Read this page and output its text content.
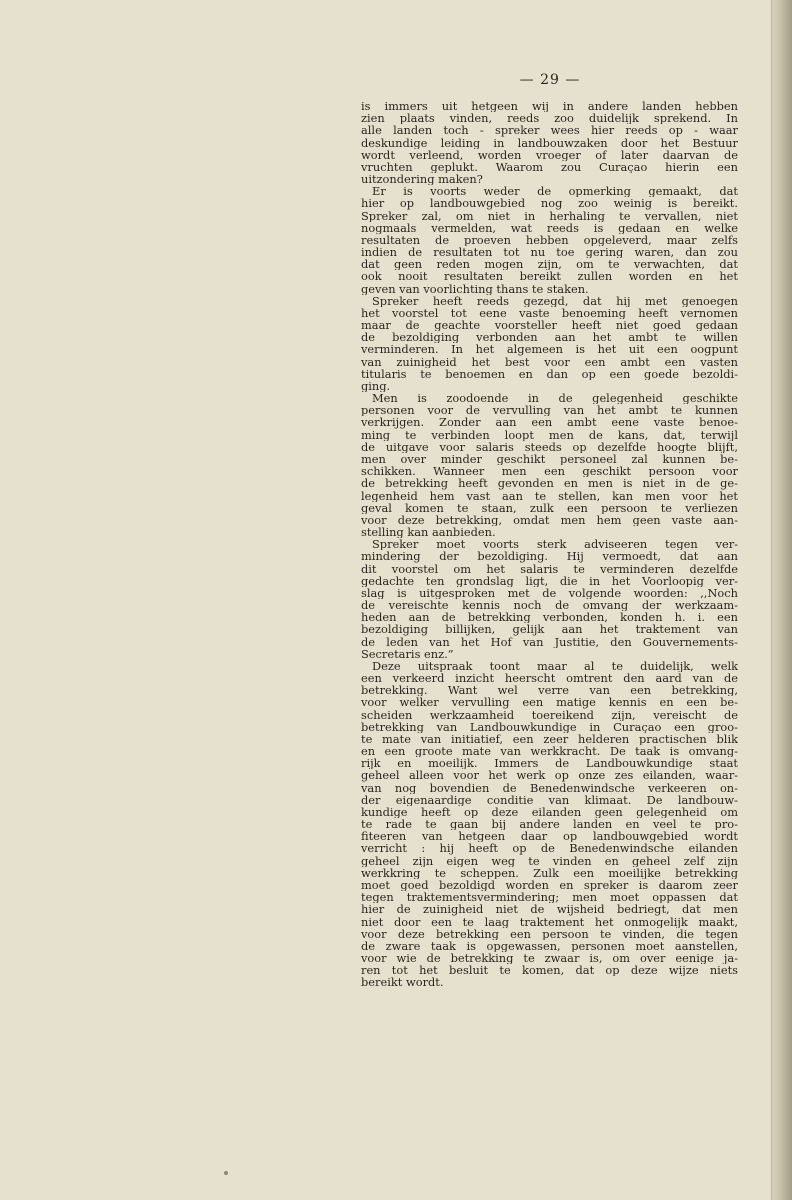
— 29 —
is immers uit hetgeen wij in andere landen hebben
zien plaats vinden, reeds zoo duidelijk sprekend. In
alle landen toch - spreker wees hier reeds op - waar
deskundige leiding in landbouwzaken door het Bestuur
wordt verleend, worden vroeger of later daarvan de
vruchten geplukt. Waarom zou Curaçao hierin een
uitzondering maken?
Er is voorts weder de opmerking gemaakt, dat
hier op landbouwgebied nog zoo weinig is bereikt.
Spreker zal, om niet in herhaling te vervallen, niet
nogmaals vermelden, wat reeds is gedaan en welke
resultaten de proeven hebben opgeleverd, maar zelfs
indien de resultaten tot nu toe gering waren, dan zou
dat geen reden mogen zijn, om te verwachten, dat
ook nooit resultaten bereikt zullen worden en het
geven van voorlichting thans te staken.
Spreker heeft reeds gezegd, dat hij met genoegen
het voorstel tot eene vaste benoeming heeft vernomen
maar de geachte voorsteller heeft niet goed gedaan
de bezoldiging verbonden aan het ambt te willen
verminderen. In het algemeen is het uit een oogpunt
van zuinigheid het best voor een ambt een vasten
titularis te benoemen en dan op een goede bezoldi-
ging.
Men is zoodoende in de gelegenheid geschikte
personen voor de vervulling van het ambt te kunnen
verkrijgen. Zonder aan een ambt eene vaste benoe-
ming te verbinden loopt men de kans, dat, terwijl
de uitgave voor salaris steeds op dezelfde hoogte blijft,
men over minder geschikt personeel zal kunnen be-
schikken. Wanneer men een geschikt persoon voor
de betrekking heeft gevonden en men is niet in de ge-
legenheid hem vast aan te stellen, kan men voor het
geval komen te staan, zulk een persoon te verliezen
voor deze betrekking, omdat men hem geen vaste aan-
stelling kan aanbieden.
Spreker moet voorts sterk adviseeren tegen ver-
mindering der bezoldiging. Hij vermoedt, dat aan
dit voorstel om het salaris te verminderen dezelfde
gedachte ten grondslag ligt, die in het Voorloopig ver-
slag is uitgesproken met de volgende woorden: ,,Noch
de vereischte kennis noch de omvang der werkzaam-
heden aan de betrekking verbonden, konden h. i. een
bezoldiging billijken, gelijk aan het traktement van
de leden van het Hof van Justitie, den Gouvernements-
Secretaris enz.”
Deze uitspraak toont maar al te duidelijk, welk
een verkeerd inzicht heerscht omtrent den aard van de
betrekking. Want wel verre van een betrekking,
voor welker vervulling een matige kennis en een be-
scheiden werkzaamheid toereikend zijn, vereischt de
betrekking van Landbouwkundige in Curaçao een groo-
te mate van initiatief, een zeer helderen practischen blik
en een groote mate van werkkracht. De taak is omvang-
rijk en moeilijk. Immers de Landbouwkundige staat
geheel alleen voor het werk op onze zes eilanden, waar-
van nog bovendien de Benedenwindsche verkeeren on-
der eigenaardige conditie van klimaat. De landbouw-
kundige heeft op deze eilanden geen gelegenheid om
te rade te gaan bij andere landen en veel te pro-
fiteeren van hetgeen daar op landbouwgebied wordt
verricht : hij heeft op de Benedenwindsche eilanden
geheel zijn eigen weg te vinden en geheel zelf zijn
werkkring te scheppen. Zulk een moeilijke betrekking
moet goed bezoldigd worden en spreker is daarom zeer
tegen traktementsvermindering; men moet oppassen dat
hier de zuinigheid niet de wijsheid bedriegt, dat men
niet door een te laag traktement het onmogelijk maakt,
voor deze betrekking een persoon te vinden, die tegen
de zware taak is opgewassen, personen moet aanstellen,
voor wie de betrekking te zwaar is, om over eenige ja-
ren tot het besluit te komen, dat op deze wijze niets
bereikt wordt.
